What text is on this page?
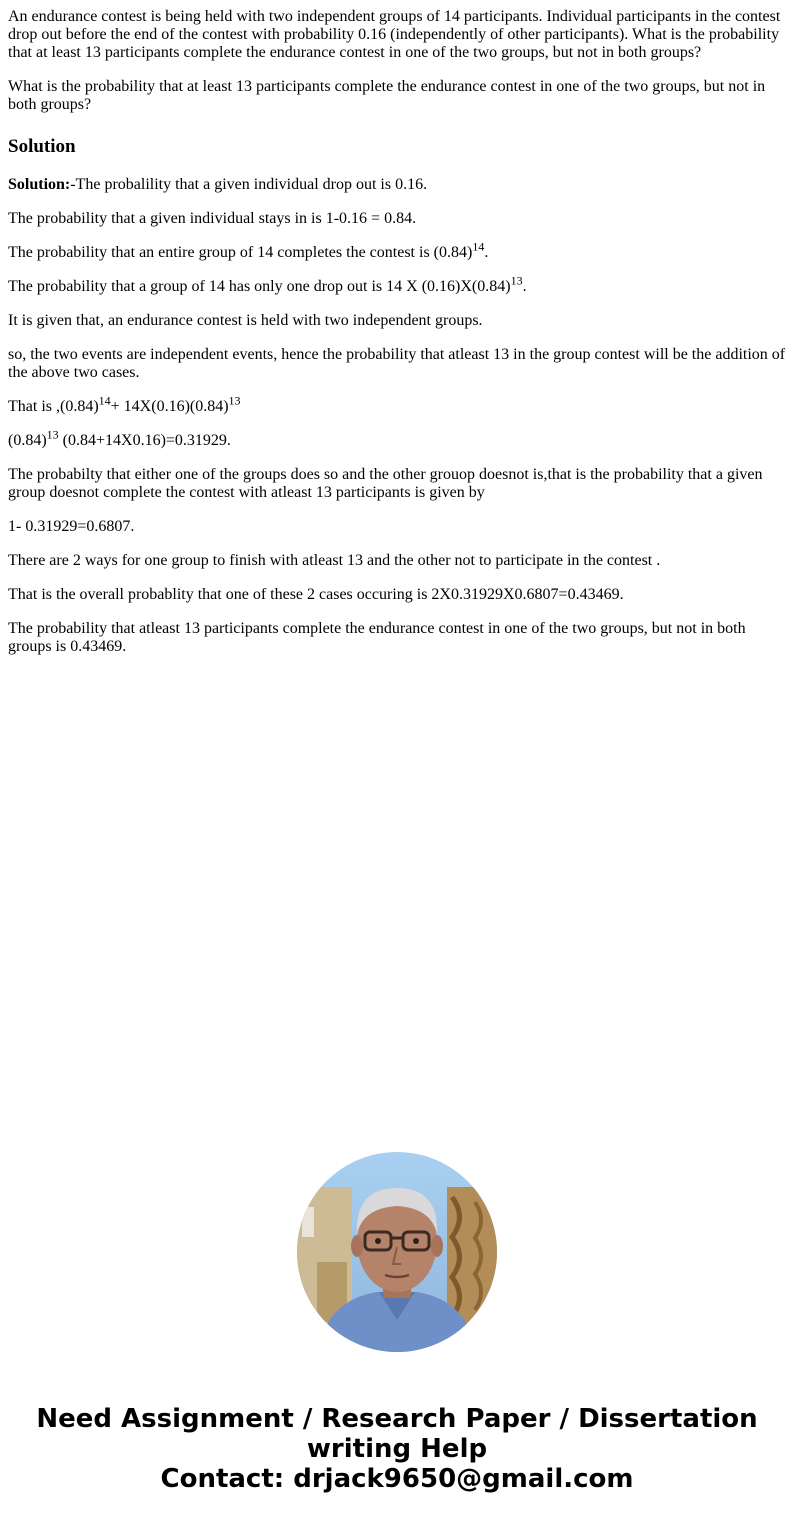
An endurance contest is being held with two independent groups of 14 participants. Individual participants in the contest drop out before the end of the contest with probability 0.16 (independently of other participants). What is the probability that at least 13 participants complete the endurance contest in one of the two groups, but not in both groups?

What is the probability that at least 13 participants complete the endurance contest in one of the two groups, but not in both groups?

Solution

Solution:-The probalility that a given individual drop out is 0.16.

The probability that a given individual stays in is 1-0.16 = 0.84.

The probability that an entire group of 14 completes the contest is $(0.84)^{14}$.

The probability that a group of 14 has only one drop out is 14 X $(0.16)X(0.84)^{13}$.

It is given that, an endurance contest is held with two independent groups.

so, the two events are independent events, hence the probability that atleast 13 in the group contest will be the addition of the above two cases.

That is $,(0.84)^{14}+ 14X(0.16)(0.84)^{13}$

$(0.84)^{13}$ (0.84+14X0.16)=0.31929.

The probabilty that either one of the groups does so and the other grouop doesnot is,that is the probability that a given group doesnot complete the contest with atleast 13 participants is given by

1- 0.31929=0.6807.

There are 2 ways for one group to finish with atleast 13 and the other not to participate in the contest .

That is the overall probablity that one of these 2 cases occuring is 2X0.31929X0.6807=0.43469.

The probability that atleast 13 participants complete the endurance contest in one of the two groups, but not in both groups is 0.43469.

Need Assignment / Research Paper / Dissertation
writing Help
Contact: drjack9650@gmail.com
